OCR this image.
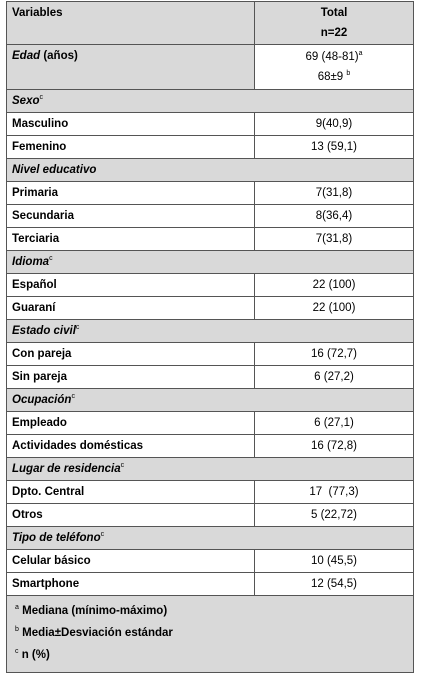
Variables	Total
n=22

Edad (años)	69 $(48-81)^a$
68±9 $^b$

Sexo$^c$
Masculino	9(40,9)
Femenino	13 (59,1)
Nivel educativo	
Primaria	7(31,8)
Secundaria	8(36,4)
Terciaria	7(31,8)
Idioma$^c$
Español	22 (100)
Guaraní	22 (100)
Estado civil$^c$
Con pareja	16 (72,7)
Sin pareja	6 (27,2)
Ocupación$^c$
Empleado	6 (27,1)
Actividades domésticas	16 (72,8)
Lugar de residencia$^c$
Dpto. Central	17  (77,3)
Otros	5 (22,72)
Tipo de teléfono$^c$
Celular básico	10 (45,5)
Smartphone	12 (54,5)

$^a$ Mediana (mínimo-máximo)
$^b$ Media±Desviación estándar
$^c$ n (%)	
